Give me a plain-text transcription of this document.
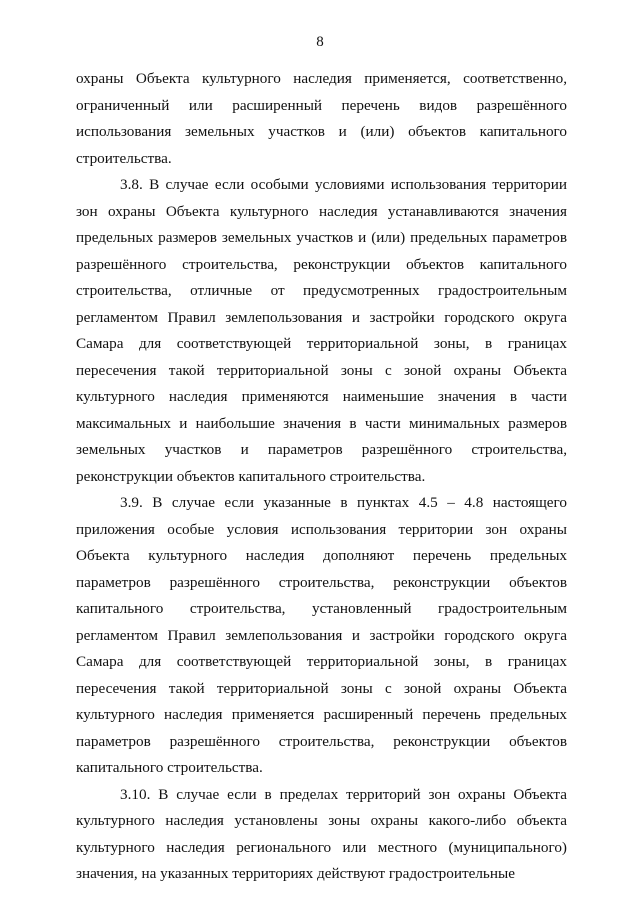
8

охраны Объекта культурного наследия применяется, соответственно, ограниченный или расширенный перечень видов разрешённого использования земельных участков и (или) объектов капитального строительства.

3.8. В случае если особыми условиями использования территории зон охраны Объекта культурного наследия устанавливаются значения предельных размеров земельных участков и (или) предельных параметров разрешённого строительства, реконструкции объектов капитального строительства, отличные от предусмотренных градостроительным регламентом Правил землепользования и застройки городского округа Самара для соответствующей территориальной зоны, в границах пересечения такой территориальной зоны с зоной охраны Объекта культурного наследия применяются наименьшие значения в части максимальных и наибольшие значения в части минимальных размеров земельных участков и параметров разрешённого строительства, реконструкции объектов капитального строительства.

3.9. В случае если указанные в пунктах 4.5 – 4.8 настоящего приложения особые условия использования территории зон охраны Объекта культурного наследия дополняют перечень предельных параметров разрешённого строительства, реконструкции объектов капитального строительства, установленный градостроительным регламентом Правил землепользования и застройки городского округа Самара для соответствующей территориальной зоны, в границах пересечения такой территориальной зоны с зоной охраны Объекта культурного наследия применяется расширенный перечень предельных параметров разрешённого строительства, реконструкции объектов капитального строительства.

3.10. В случае если в пределах территорий зон охраны Объекта культурного наследия установлены зоны охраны какого-либо объекта культурного наследия регионального или местного (муниципального) значения, на указанных территориях действуют градостроительные
